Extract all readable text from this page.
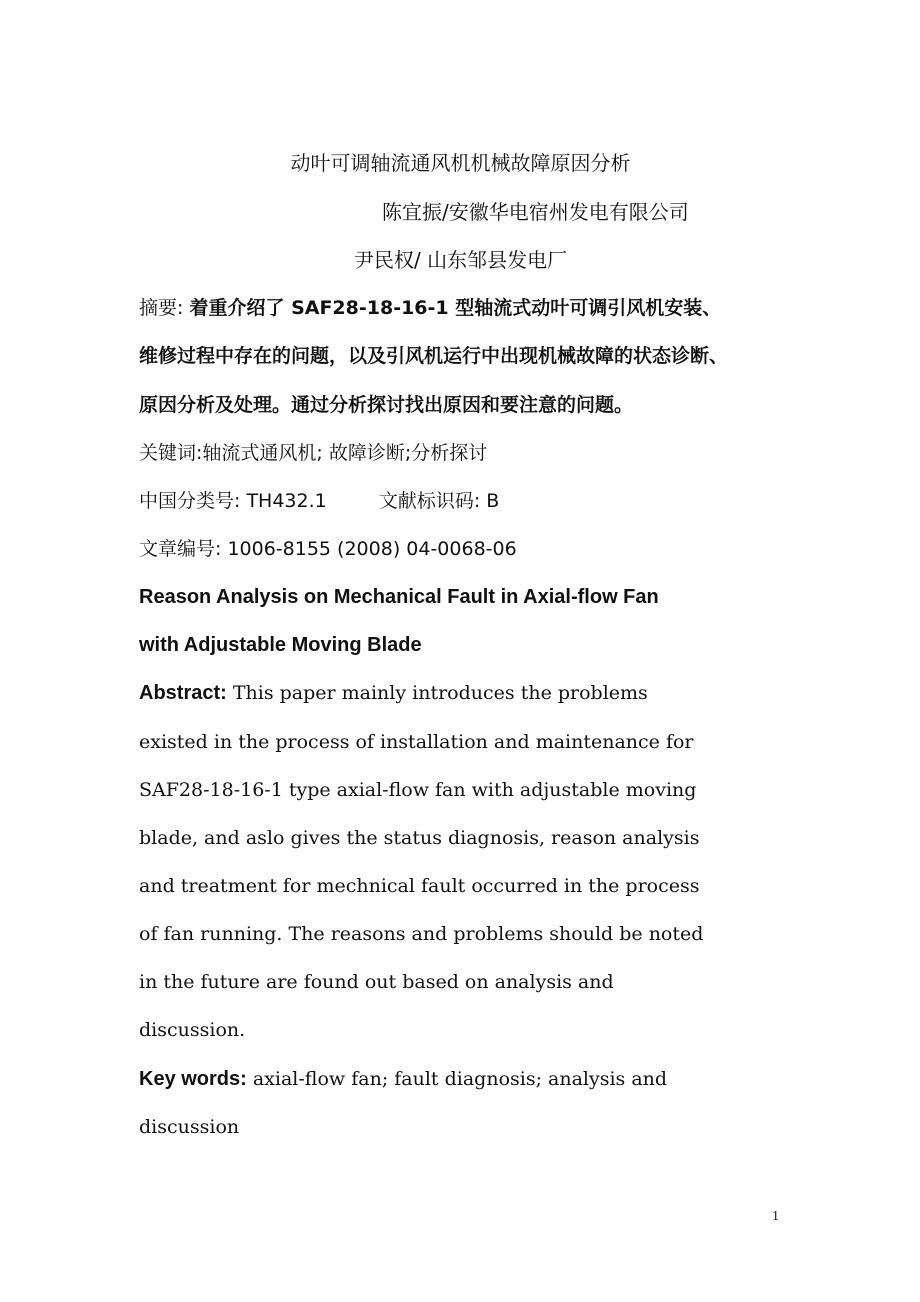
动叶可调轴流通风机机械故障原因分析
陈宜振/安徽华电宿州发电有限公司
尹民权/ 山东邹县发电厂
摘要: 着重介绍了 SAF28-18-16-1 型轴流式动叶可调引风机安装、
维修过程中存在的问题，以及引风机运行中出现机械故障的状态诊断、
原因分析及处理。通过分析探讨找出原因和要注意的问题。
关键词:轴流式通风机; 故障诊断;分析探讨
中国分类号: TH432.1	文献标识码: B
文章编号: 1006-8155 (2008) 04-0068-06
Reason Analysis on Mechanical Fault in Axial-flow Fan
with Adjustable Moving Blade
Abstract: This paper mainly introduces the problems
existed in the process of installation and maintenance for
SAF28-18-16-1 type axial-flow fan with adjustable moving
blade, and aslo gives the status diagnosis, reason analysis
and treatment for mechnical fault occurred in the process
of fan running. The reasons and problems should be noted
in the future are found out based on analysis and
discussion.
Key words: axial-flow fan; fault diagnosis; analysis and
discussion
1
